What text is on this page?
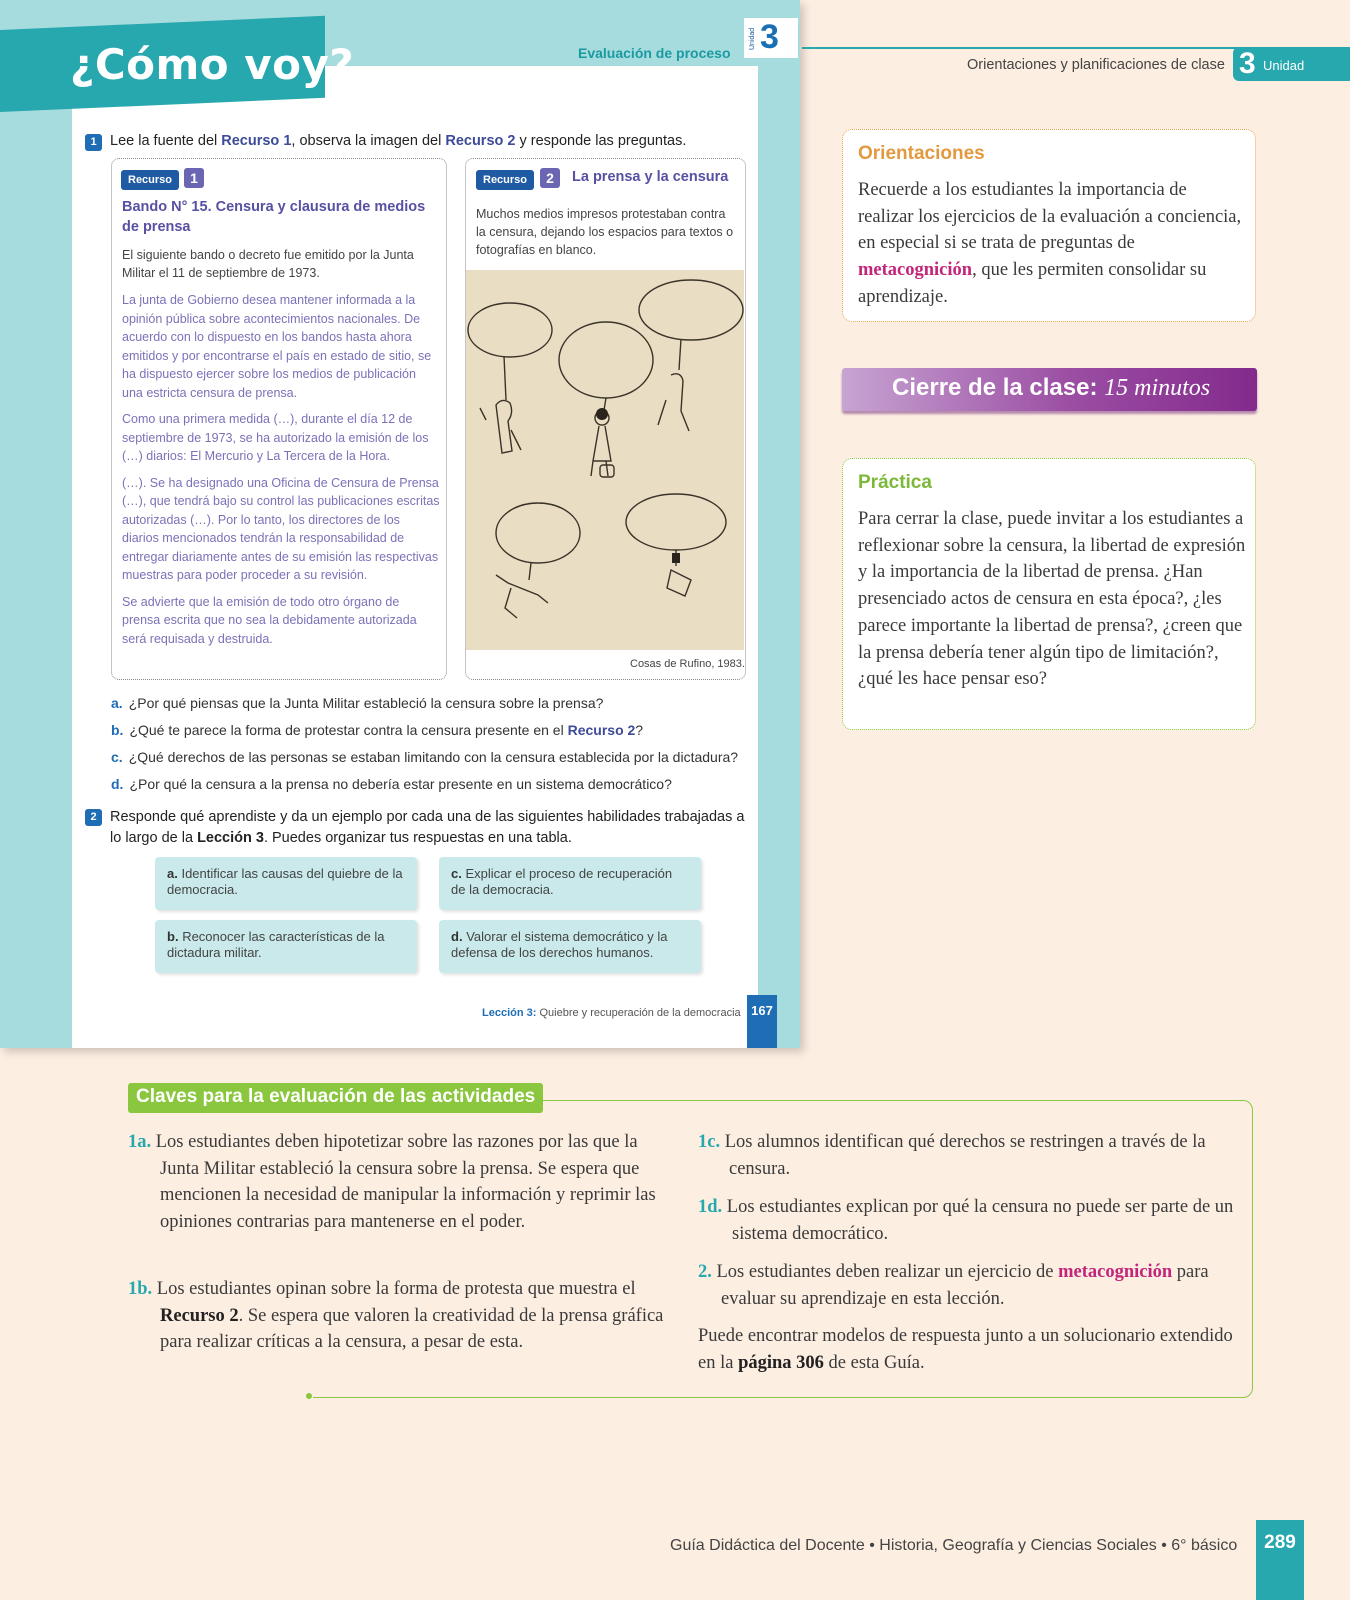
¿Cómo voy?	Evaluación de proceso
Unidad 3
1 Lee la fuente del Recurso 1, observa la imagen del Recurso 2 y responde las preguntas.
Recurso	1
Bando N° 15. Censura y clausura de medios de prensa
El siguiente bando o decreto fue emitido por la Junta Militar el 11 de septiembre de 1973.

La junta de Gobierno desea mantener informada a la opinión pública sobre acontecimientos nacionales. De acuerdo con lo dispuesto en los bandos hasta ahora emitidos y por encontrarse el país en estado de sitio, se ha dispuesto ejercer sobre los medios de publicación una estricta censura de prensa.

Como una primera medida (…), durante el día 12 de septiembre de 1973, se ha autorizado la emisión de los (…) diarios: El Mercurio y La Tercera de la Hora.

(…). Se ha designado una Oficina de Censura de Prensa (…), que tendrá bajo su control las publicaciones escritas autorizadas (…). Por lo tanto, los directores de los diarios mencionados tendrán la responsabilidad de entregar diariamente antes de su emisión las respectivas muestras para poder proceder a su revisión.

Se advierte que la emisión de todo otro órgano de prensa escrita que no sea la debidamente autorizada será requisada y destruida.

Recurso	2	La prensa y la censura
Muchos medios impresos protestaban contra la censura, dejando los espacios para textos o fotografías en blanco.
Cosas de Rufino, 1983.
a. ¿Por qué piensas que la Junta Militar estableció la censura sobre la prensa?
b. ¿Qué te parece la forma de protestar contra la censura presente en el Recurso 2?
c. ¿Qué derechos de las personas se estaban limitando con la censura establecida por la dictadura?
d. ¿Por qué la censura a la prensa no debería estar presente en un sistema democrático?
2 Responde qué aprendiste y da un ejemplo por cada una de las siguientes habilidades trabajadas a lo largo de la Lección 3. Puedes organizar tus respuestas en una tabla.
a. Identificar las causas del quiebre de la democracia.
c. Explicar el proceso de recuperación de la democracia.
b. Reconocer las características de la dictadura militar.
d. Valorar el sistema democrático y la defensa de los derechos humanos.
Lección 3: Quiebre y recuperación de la democracia 167
Orientaciones y planificaciones de clase 3 Unidad
Orientaciones
Recuerde a los estudiantes la importancia de realizar los ejercicios de la evaluación a conciencia, en especial si se trata de preguntas de metacognición, que les permiten consolidar su aprendizaje.
Cierre de la clase: 15 minutos
Práctica
Para cerrar la clase, puede invitar a los estudiantes a reflexionar sobre la censura, la libertad de expresión y la importancia de la libertad de prensa. ¿Han presenciado actos de censura en esta época?, ¿les parece importante la libertad de prensa?, ¿creen que la prensa debería tener algún tipo de limitación?, ¿qué les hace pensar eso?
Claves para la evaluación de las actividades
1a. Los estudiantes deben hipotetizar sobre las razones por las que la Junta Militar estableció la censura sobre la prensa. Se espera que mencionen la necesidad de manipular la información y reprimir las opiniones contrarias para mantenerse en el poder.
1b. Los estudiantes opinan sobre la forma de protesta que muestra el Recurso 2. Se espera que valoren la creatividad de la prensa gráfica para realizar críticas a la censura, a pesar de esta.
1c. Los alumnos identifican qué derechos se restringen a través de la censura.
1d. Los estudiantes explican por qué la censura no puede ser parte de un sistema democrático.
2. Los estudiantes deben realizar un ejercicio de metacognición para evaluar su aprendizaje en esta lección.
Puede encontrar modelos de respuesta junto a un solucionario extendido en la página 306 de esta Guía.
Guía Didáctica del Docente • Historia, Geografía y Ciencias Sociales • 6° básico	289
